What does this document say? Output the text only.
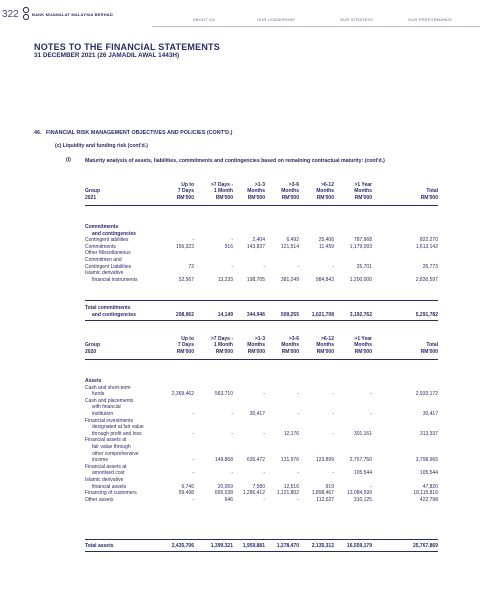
322	BANK MUAMALAT MALAYSIA BERHAD
ABOUT US	OUR LEADERSHIP	OUR STRATEGY	OUR PERFORMANCE
NOTES TO THE FINANCIAL STATEMENTS
31 DECEMBER 2021 (26 JAMADIL AWAL 1443H)
46. FINANCIAL RISK MANAGEMENT OBJECTIVES AND POLICIES (CONT'D.)
(c) Liquidity and funding risk (cont'd.)
(i)	Maturity analysis of assets, liabilities, commitments and contingencies based on remaining contractual maturity: (cont'd.)
Group
2021
Up to
7 Days
RM'000
>7 Days -
1 Month
RM'000
>1-3
Months
RM'000
>3-6
Months
RM'000
>6-12
Months
RM'000
>1 Year
Months
RM'000
Total
RM'000
Commitments
and contingencies
Contingent iabilities	-	-	2,404	6,492	25,406	787,968	822,270
Commitments	156,323	916	143,837	121,514	11,459	1,179,093	1,613,142
Other Miscellaneous
Commitmen and
Contingent Liabilities	72	-	-	-	-	25,701	25,773
Islamic derivative
financial instruments	52,567	13,233	198,705	381,249	984,843	1,200,000	2,830,597
Total commitments
and contingencies	208,962	14,149	344,946	509,255	1,021,708	3,192,762	5,291,782
Group
2020
Up to
7 Days
RM'000
>7 Days -
1 Month
RM'000
>1-3
Months
RM'000
>3-6
Months
RM'000
>6-12
Months
RM'000
>1 Year
Months
RM'000
Total
RM'000
Assets
Cash and short-term
funds	2,369,462	563,710	-	-	-	-	2,933,172
Cash and placements
with financial
institution	-	-	30,417	-	-	-	30,417
Financial investments
designated at fair value
through profit and loss	-	-	-	12,176	-	301,161	313,337
Financial assets at
fair value through
other comprehensive
income	-	149,868	635,472	131,976	123,899	2,757,750	3,798,965
Financial assets at
amortised cost	-	-	-	-	-	105,544	105,544
Islamic derivative
financial assets	6,746	20,059	7,580	12,516	919	-	47,820
Financing of customers	59,498	665,038	1,286,412	1,121,802	1,898,467	13,084,599	18,115,816
Other assets	-	646	-	-	112,027	310,125	422,798
Total assets	2,435,706	1,399,321	1,959,881	1,278,470	2,135,312	16,559,179	25,767,869
